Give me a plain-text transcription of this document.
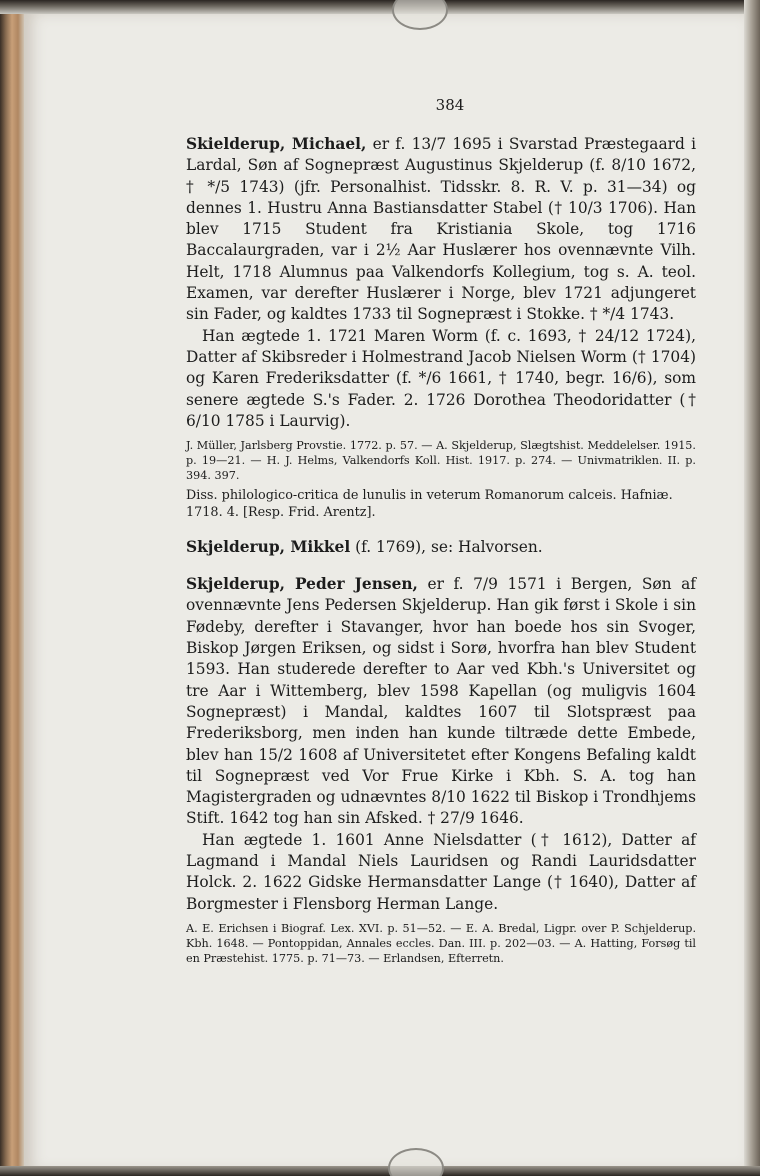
384

Skielderup, Michael, er f. 13/7 1695 i Svarstad Præstegaard i Lardal, Søn af Sognepræst Augustinus Skjelderup (f. 8/10 1672, † */5 1743) (jfr. Personalhist. Tidsskr. 8. R. V. p. 31—34) og dennes 1. Hustru Anna Bastiansdatter Stabel († 10/3 1706). Han blev 1715 Student fra Kristiania Skole, tog 1716 Baccalaurgraden, var i 2½ Aar Huslærer hos ovennævnte Vilh. Helt, 1718 Alumnus paa Valkendorfs Kollegium, tog s. A. teol. Examen, var derefter Huslærer i Norge, blev 1721 adjungeret sin Fader, og kaldtes 1733 til Sognepræst i Stokke. † */4 1743.

Han ægtede 1. 1721 Maren Worm (f. c. 1693, † 24/12 1724), Datter af Skibsreder i Holmestrand Jacob Nielsen Worm († 1704) og Karen Frederiksdatter (f. */6 1661, † 1740, begr. 16/6), som senere ægtede S.'s Fader. 2. 1726 Dorothea Theodoridatter († 6/10 1785 i Laurvig).

J. Müller, Jarlsberg Provstie. 1772. p. 57. — A. Skjelderup, Slægtshist. Meddelelser. 1915. p. 19—21. — H. J. Helms, Valkendorfs Koll. Hist. 1917. p. 274. — Univmatriklen. II. p. 394. 397.
Diss. philologico-critica de lunulis in veterum Romanorum calceis. Hafniæ. 1718. 4. [Resp. Frid. Arentz].
Skjelderup, Mikkel (f. 1769), se: Halvorsen.

Skjelderup, Peder Jensen, er f. 7/9 1571 i Bergen, Søn af ovennævnte Jens Pedersen Skjelderup. Han gik først i Skole i sin Fødeby, derefter i Stavanger, hvor han boede hos sin Svoger, Biskop Jørgen Eriksen, og sidst i Sorø, hvorfra han blev Student 1593. Han studerede derefter to Aar ved Kbh.'s Universitet og tre Aar i Wittemberg, blev 1598 Kapellan (og muligvis 1604 Sognepræst) i Mandal, kaldtes 1607 til Slotspræst paa Frederiksborg, men inden han kunde tiltræde dette Embede, blev han 15/2 1608 af Universitetet efter Kongens Befaling kaldt til Sognepræst ved Vor Frue Kirke i Kbh. S. A. tog han Magistergraden og udnævntes 8/10 1622 til Biskop i Trondhjems Stift. 1642 tog han sin Afsked. † 27/9 1646.

Han ægtede 1. 1601 Anne Nielsdatter († 1612), Datter af Lagmand i Mandal Niels Lauridsen og Randi Lauridsdatter Holck. 2. 1622 Gidske Hermansdatter Lange († 1640), Datter af Borgmester i Flensborg Herman Lange.

A. E. Erichsen i Biograf. Lex. XVI. p. 51—52. — E. A. Bredal, Ligpr. over P. Schjelderup. Kbh. 1648. — Pontoppidan, Annales eccles. Dan. III. p. 202—03. — A. Hatting, Forsøg til en Præstehist. 1775. p. 71—73. — Erlandsen, Efterretn.
